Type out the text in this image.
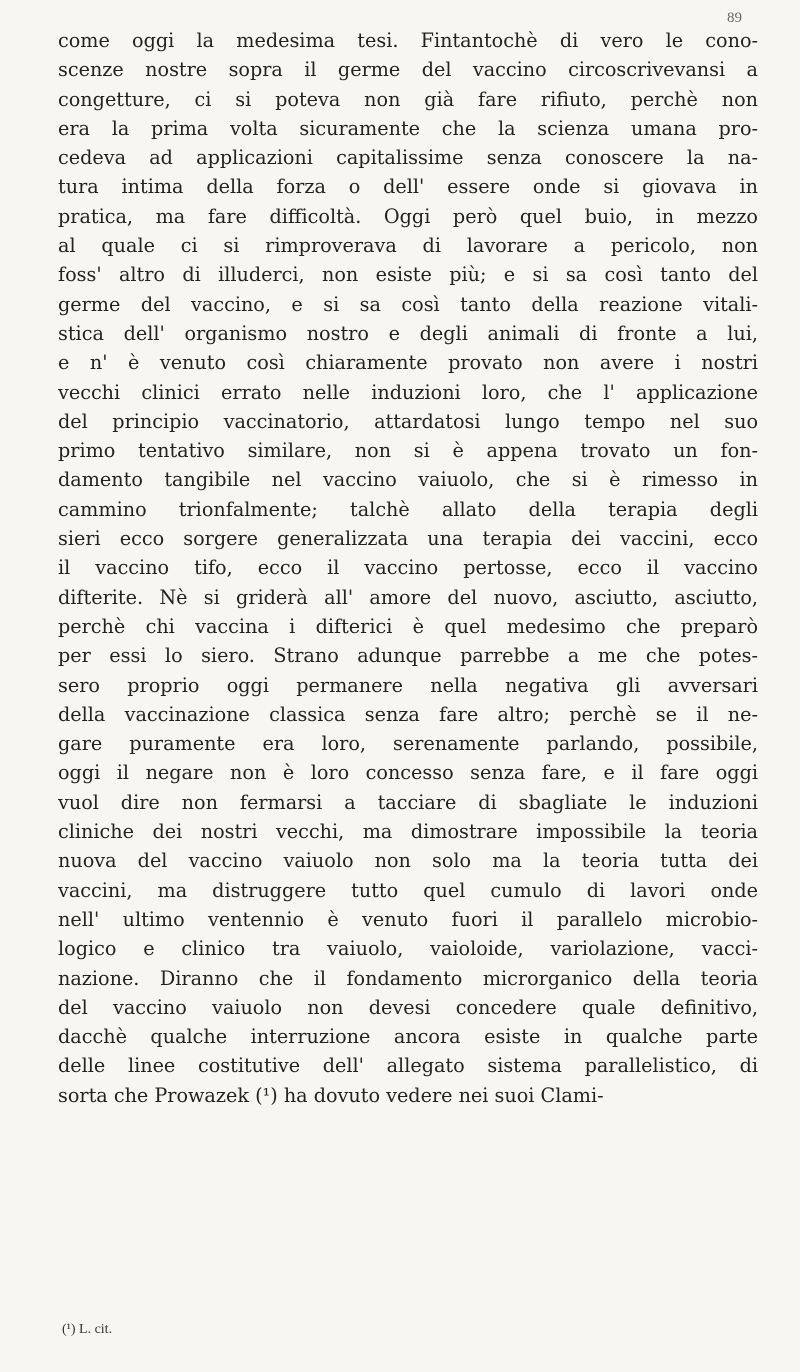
89
come oggi la medesima tesi. Fintantochè di vero le cono-
scenze nostre sopra il germe del vaccino circoscrivevansi a
congetture, ci si poteva non già fare rifiuto, perchè non
era la prima volta sicuramente che la scienza umana pro-
cedeva ad applicazioni capitalissime senza conoscere la na-
tura intima della forza o dell' essere onde si giovava in
pratica, ma fare difficoltà. Oggi però quel buio, in mezzo
al quale ci si rimproverava di lavorare a pericolo, non
foss' altro di illuderci, non esiste più; e si sa così tanto del
germe del vaccino, e si sa così tanto della reazione vitali-
stica dell' organismo nostro e degli animali di fronte a lui,
e n' è venuto così chiaramente provato non avere i nostri
vecchi clinici errato nelle induzioni loro, che l' applicazione
del principio vaccinatorio, attardatosi lungo tempo nel suo
primo tentativo similare, non si è appena trovato un fon-
damento tangibile nel vaccino vaiuolo, che si è rimesso in
cammino trionfalmente; talchè allato della terapia degli
sieri ecco sorgere generalizzata una terapia dei vaccini, ecco
il vaccino tifo, ecco il vaccino pertosse, ecco il vaccino
difterite. Nè si griderà all' amore del nuovo, asciutto, asciutto,
perchè chi vaccina i difterici è quel medesimo che preparò
per essi lo siero. Strano adunque parrebbe a me che potes-
sero proprio oggi permanere nella negativa gli avversari
della vaccinazione classica senza fare altro; perchè se il ne-
gare puramente era loro, serenamente parlando, possibile,
oggi il negare non è loro concesso senza fare, e il fare oggi
vuol dire non fermarsi a tacciare di sbagliate le induzioni
cliniche dei nostri vecchi, ma dimostrare impossibile la teoria
nuova del vaccino vaiuolo non solo ma la teoria tutta dei
vaccini, ma distruggere tutto quel cumulo di lavori onde
nell' ultimo ventennio è venuto fuori il parallelo microbio-
logico e clinico tra vaiuolo, vaioloide, variolazione, vacci-
nazione. Diranno che il fondamento microrganico della teoria
del vaccino vaiuolo non devesi concedere quale definitivo,
dacchè qualche interruzione ancora esiste in qualche parte
delle linee costitutive dell' allegato sistema parallelistico, di
sorta che Prowazek (¹) ha dovuto vedere nei suoi Clami-
(¹) L. cit.
